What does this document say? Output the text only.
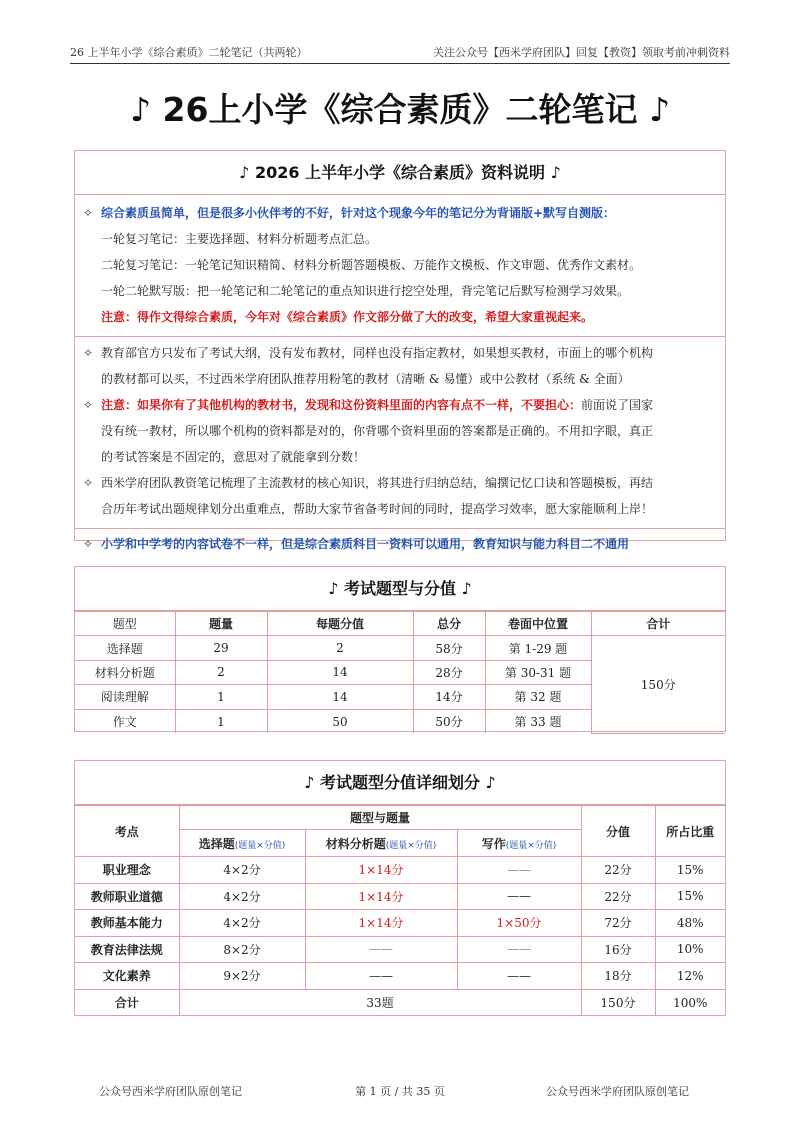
26 上半年小学《综合素质》二轮笔记（共两轮）	关注公众号【西米学府团队】回复【教资】领取考前冲刺资料
♪ 26上小学《综合素质》二轮笔记 ♪
♪ 2026 上半年小学《综合素质》资料说明 ♪
✧ 综合素质虽简单，但是很多小伙伴考的不好，针对这个现象今年的笔记分为背诵版+默写自测版：
一轮复习笔记：主要选择题、材料分析题考点汇总。
二轮复习笔记：一轮笔记知识精简、材料分析题答题模板、万能作文模板、作文审题、优秀作文素材。
一轮二轮默写版：把一轮笔记和二轮笔记的重点知识进行挖空处理，背完笔记后默写检测学习效果。
注意：得作文得综合素质，今年对《综合素质》作文部分做了大的改变，希望大家重视起来。
✧ 教育部官方只发布了考试大纲，没有发布教材，同样也没有指定教材，如果想买教材，市面上的哪个机构
的教材都可以买，不过西米学府团队推荐用粉笔的教材（清晰 & 易懂）或中公教材（系统 & 全面）
✧ 注意：如果你有了其他机构的教材书，发现和这份资料里面的内容有点不一样，不要担心：前面说了国家
没有统一教材，所以哪个机构的资料都是对的，你背哪个资料里面的答案都是正确的。不用扣字眼，真正
的考试答案是不固定的，意思对了就能拿到分数！
✧ 西米学府团队教资笔记梳理了主流教材的核心知识，将其进行归纳总结，编撰记忆口诀和答题模板，再结
合历年考试出题规律划分出重难点，帮助大家节省备考时间的同时，提高学习效率，愿大家能顺利上岸！
✧ 小学和中学考的内容试卷不一样，但是综合素质科目一资料可以通用，教育知识与能力科目二不通用
♪ 考试题型与分值 ♪
题型	题量	每题分值	总分	卷面中位置	合计
选择题	29	2	58分	第 1-29 题	150分
材料分析题	2	14	28分	第 30-31 题	
阅读理解	1	14	14分	第 32 题	
作文	1	50	50分	第 33 题	
♪ 考试题型分值详细划分 ♪
考点	题型与题量			分值	所占比重
	选择题(题量×分值)	材料分析题(题量×分值)	写作(题量×分值)		
职业理念	4×2分	1×14分	——	22分	15%
教师职业道德	4×2分	1×14分	——	22分	15%
教师基本能力	4×2分	1×14分	1×50分	72分	48%
教育法律法规	8×2分	——	——	16分	10%
文化素养	9×2分	——	——	18分	12%
合计	33题			150分	100%
公众号西米学府团队原创笔记	第 1 页 / 共 35 页	公众号西米学府团队原创笔记
